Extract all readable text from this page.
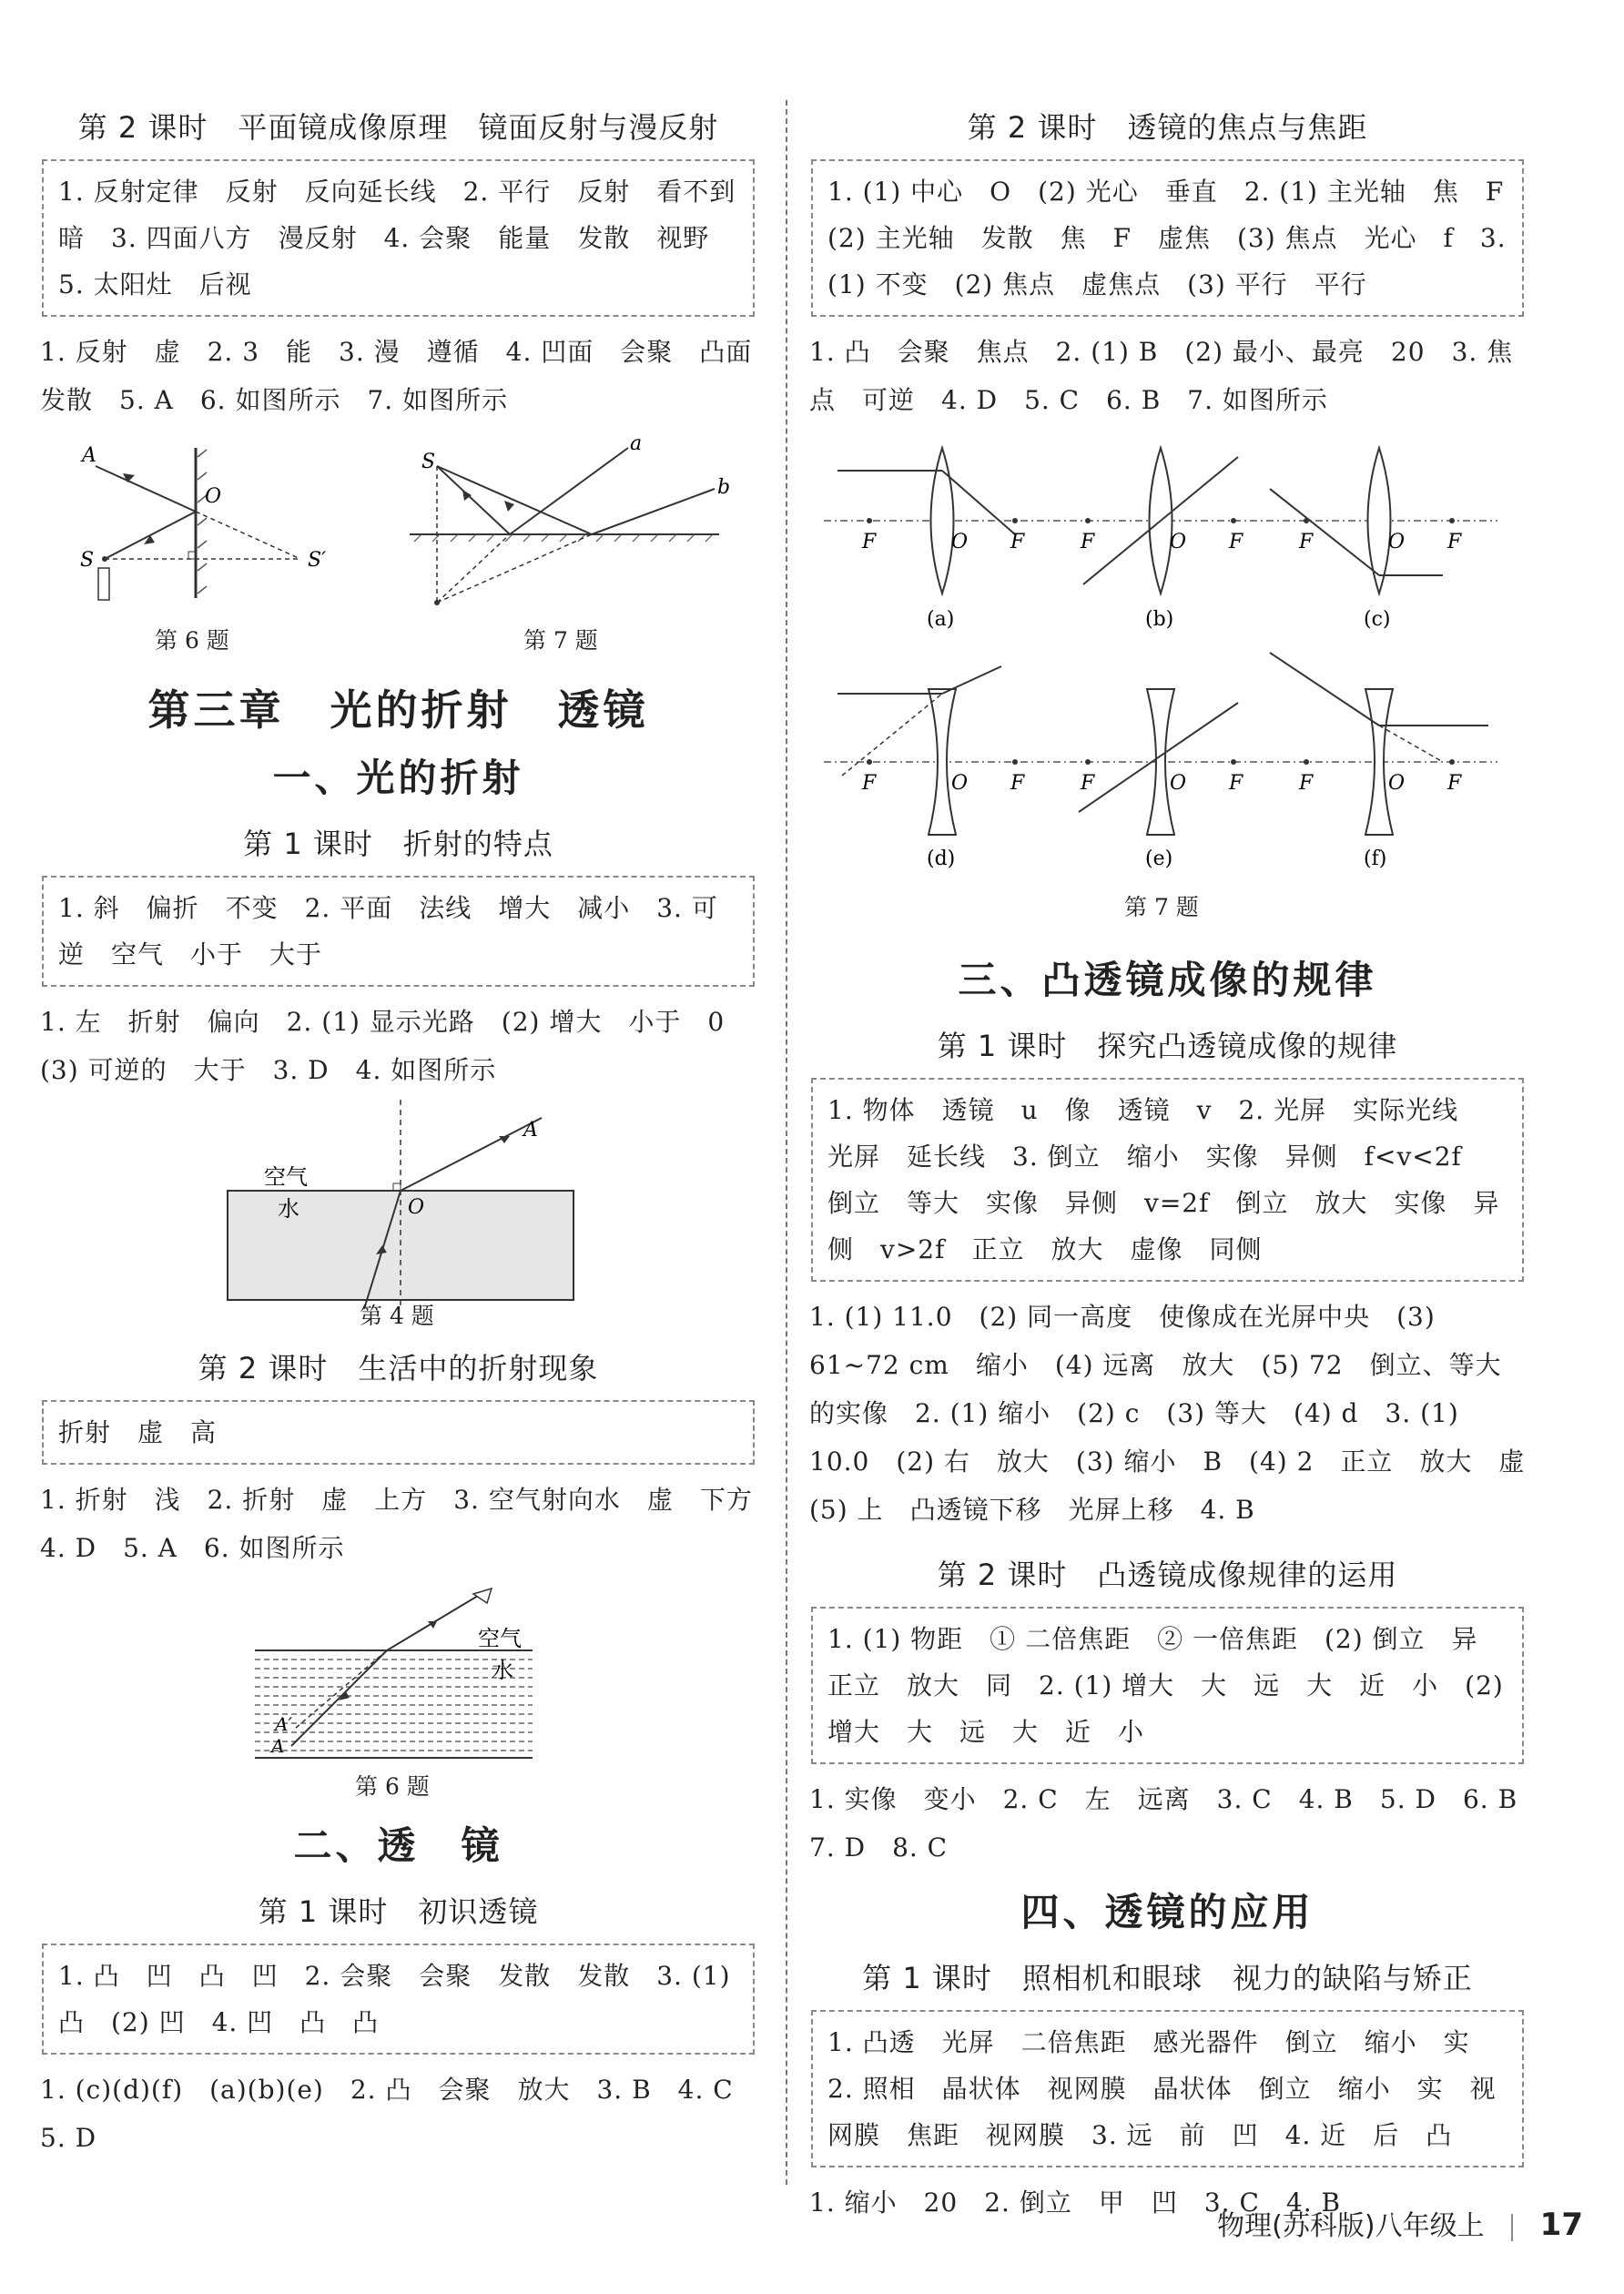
第 2 课时　平面镜成像原理　镜面反射与漫反射
1. 反射定律　反射　反向延长线　2. 平行　反射　看不到　暗　3. 四面八方　漫反射　4. 会聚　能量　发散　视野　5. 太阳灶　后视
1. 反射　虚　2. 3　能　3. 漫　遵循　4. 凹面　会聚　凸面　发散　5. A　6. 如图所示　7. 如图所示
A
S
O
S′
S
a
b
第 6 题	第 7 题
第三章　光的折射　透镜
一、光的折射
第 1 课时　折射的特点
1. 斜　偏折　不变　2. 平面　法线　增大　减小　3. 可逆　空气　小于　大于
1. 左　折射　偏向　2. (1) 显示光路　(2) 增大　小于　0　(3) 可逆的　大于　3. D　4. 如图所示
O
A
空气
水
第 4 题
第 2 课时　生活中的折射现象
折射　虚　高
1. 折射　浅　2. 折射　虚　上方　3. 空气射向水　虚　下方　4. D　5. A　6. 如图所示
A
A′
空气
水
第 6 题
二、透　镜
第 1 课时　初识透镜
1. 凸　凹　凸　凹　2. 会聚　会聚　发散　发散　3. (1) 凸　(2) 凹　4. 凹　凸　凸
1. (c)(d)(f)　(a)(b)(e)　2. 凸　会聚　放大　3. B　4. C　5. D
第 2 课时　透镜的焦点与焦距
1. (1) 中心　O　(2) 光心　垂直　2. (1) 主光轴　焦　F　(2) 主光轴　发散　焦　F　虚焦　(3) 焦点　光心　f　3. (1) 不变　(2) 焦点　虚焦点　(3) 平行　平行
1. 凸　会聚　焦点　2. (1) B　(2) 最小、最亮　20　3. 焦点　可逆　4. D　5. C　6. B　7. 如图所示
F	O F	F	O F	F	O F
F	O F	F	O F	F	O F
(a)	(b)	(c)
(d)	(e)	(f)
第 7 题
三、凸透镜成像的规律
第 1 课时　探究凸透镜成像的规律
1. 物体　透镜　u　像　透镜　v　2. 光屏　实际光线　光屏　延长线　3. 倒立　缩小　实像　异侧　f<v<2f　倒立　等大　实像　异侧　v=2f　倒立　放大　实像　异侧　v>2f　正立　放大　虚像　同侧
1. (1) 11.0　(2) 同一高度　使像成在光屏中央　(3) 61~72 cm　缩小　(4) 远离　放大　(5) 72　倒立、等大的实像　2. (1) 缩小　(2) c　(3) 等大　(4) d　3. (1) 10.0　(2) 右　放大　(3) 缩小　B　(4) 2　正立　放大　虚　(5) 上　凸透镜下移　光屏上移　4. B
第 2 课时　凸透镜成像规律的运用
1. (1) 物距　① 二倍焦距　② 一倍焦距　(2) 倒立　异　正立　放大　同　2. (1) 增大　大　远　大　近　小　(2) 增大　大　远　大　近　小
1. 实像　变小　2. C　左　远离　3. C　4. B　5. D　6. B　7. D　8. C
四、透镜的应用
第 1 课时　照相机和眼球　视力的缺陷与矫正
1. 凸透　光屏　二倍焦距　感光器件　倒立　缩小　实　2. 照相　晶状体　视网膜　晶状体　倒立　缩小　实　视网膜　焦距　视网膜　3. 远　前　凹　4. 近　后　凸
1. 缩小　20　2. 倒立　甲　凹　3. C　4. B
物理(苏科版)八年级上 17
